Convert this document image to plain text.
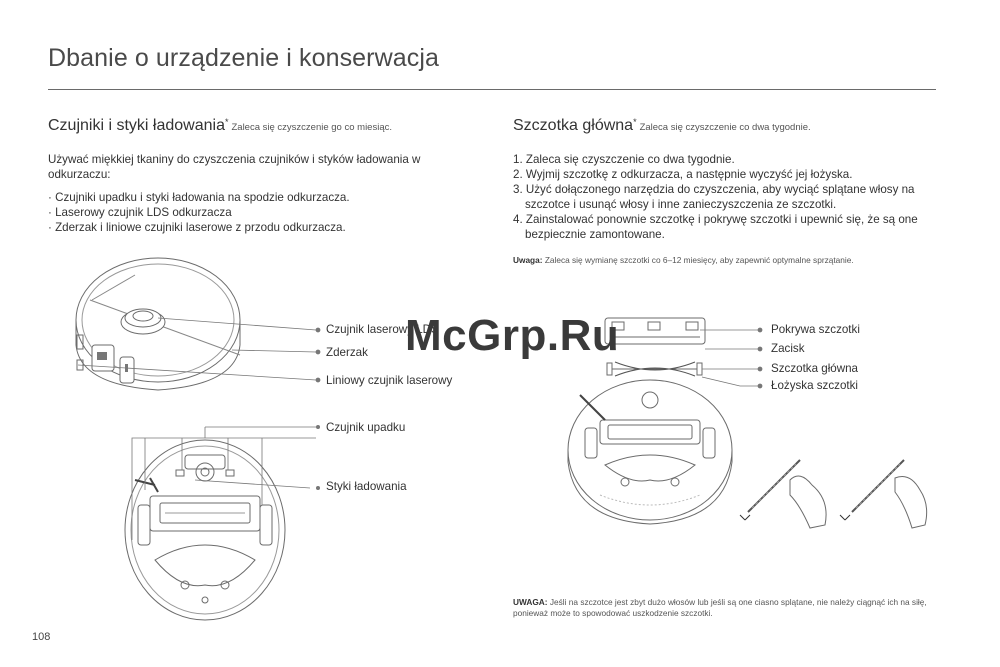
Dbanie o urządzenie i konserwacja
Czujniki i styki ładowania* Zaleca się czyszczenie go co miesiąc.
Używać miękkiej tkaniny do czyszczenia czujników i styków ładowania w odkurzaczu:
· Czujniki upadku i styki ładowania na spodzie odkurzacza.
· Laserowy czujnik LDS odkurzacza
· Zderzak i liniowe czujniki laserowe z przodu odkurzacza.
Czujnik laserowy LDS
Zderzak
Liniowy czujnik laserowy
Czujnik upadku
Styki ładowania
Szczotka główna* Zaleca się czyszczenie co dwa tygodnie.
1. Zaleca się czyszczenie co dwa tygodnie.
2. Wyjmij szczotkę z odkurzacza, a następnie wyczyść jej łożyska.
3. Użyć dołączonego narzędzia do czyszczenia, aby wyciąć splątane włosy na szczotce i usunąć włosy i inne zanieczyszczenia ze szczotki.
4. Zainstalować ponownie szczotkę i pokrywę szczotki i upewnić się, że są one bezpiecznie zamontowane.
Uwaga: Zaleca się wymianę szczotki co 6–12 miesięcy, aby zapewnić optymalne sprzątanie.
Pokrywa szczotki
Zacisk
Szczotka główna
Łożyska szczotki
UWAGA: Jeśli na szczotce jest zbyt dużo włosów lub jeśli są one ciasno splątane, nie należy ciągnąć ich na siłę, ponieważ może to spowodować uszkodzenie szczotki.
108
McGrp.Ru
